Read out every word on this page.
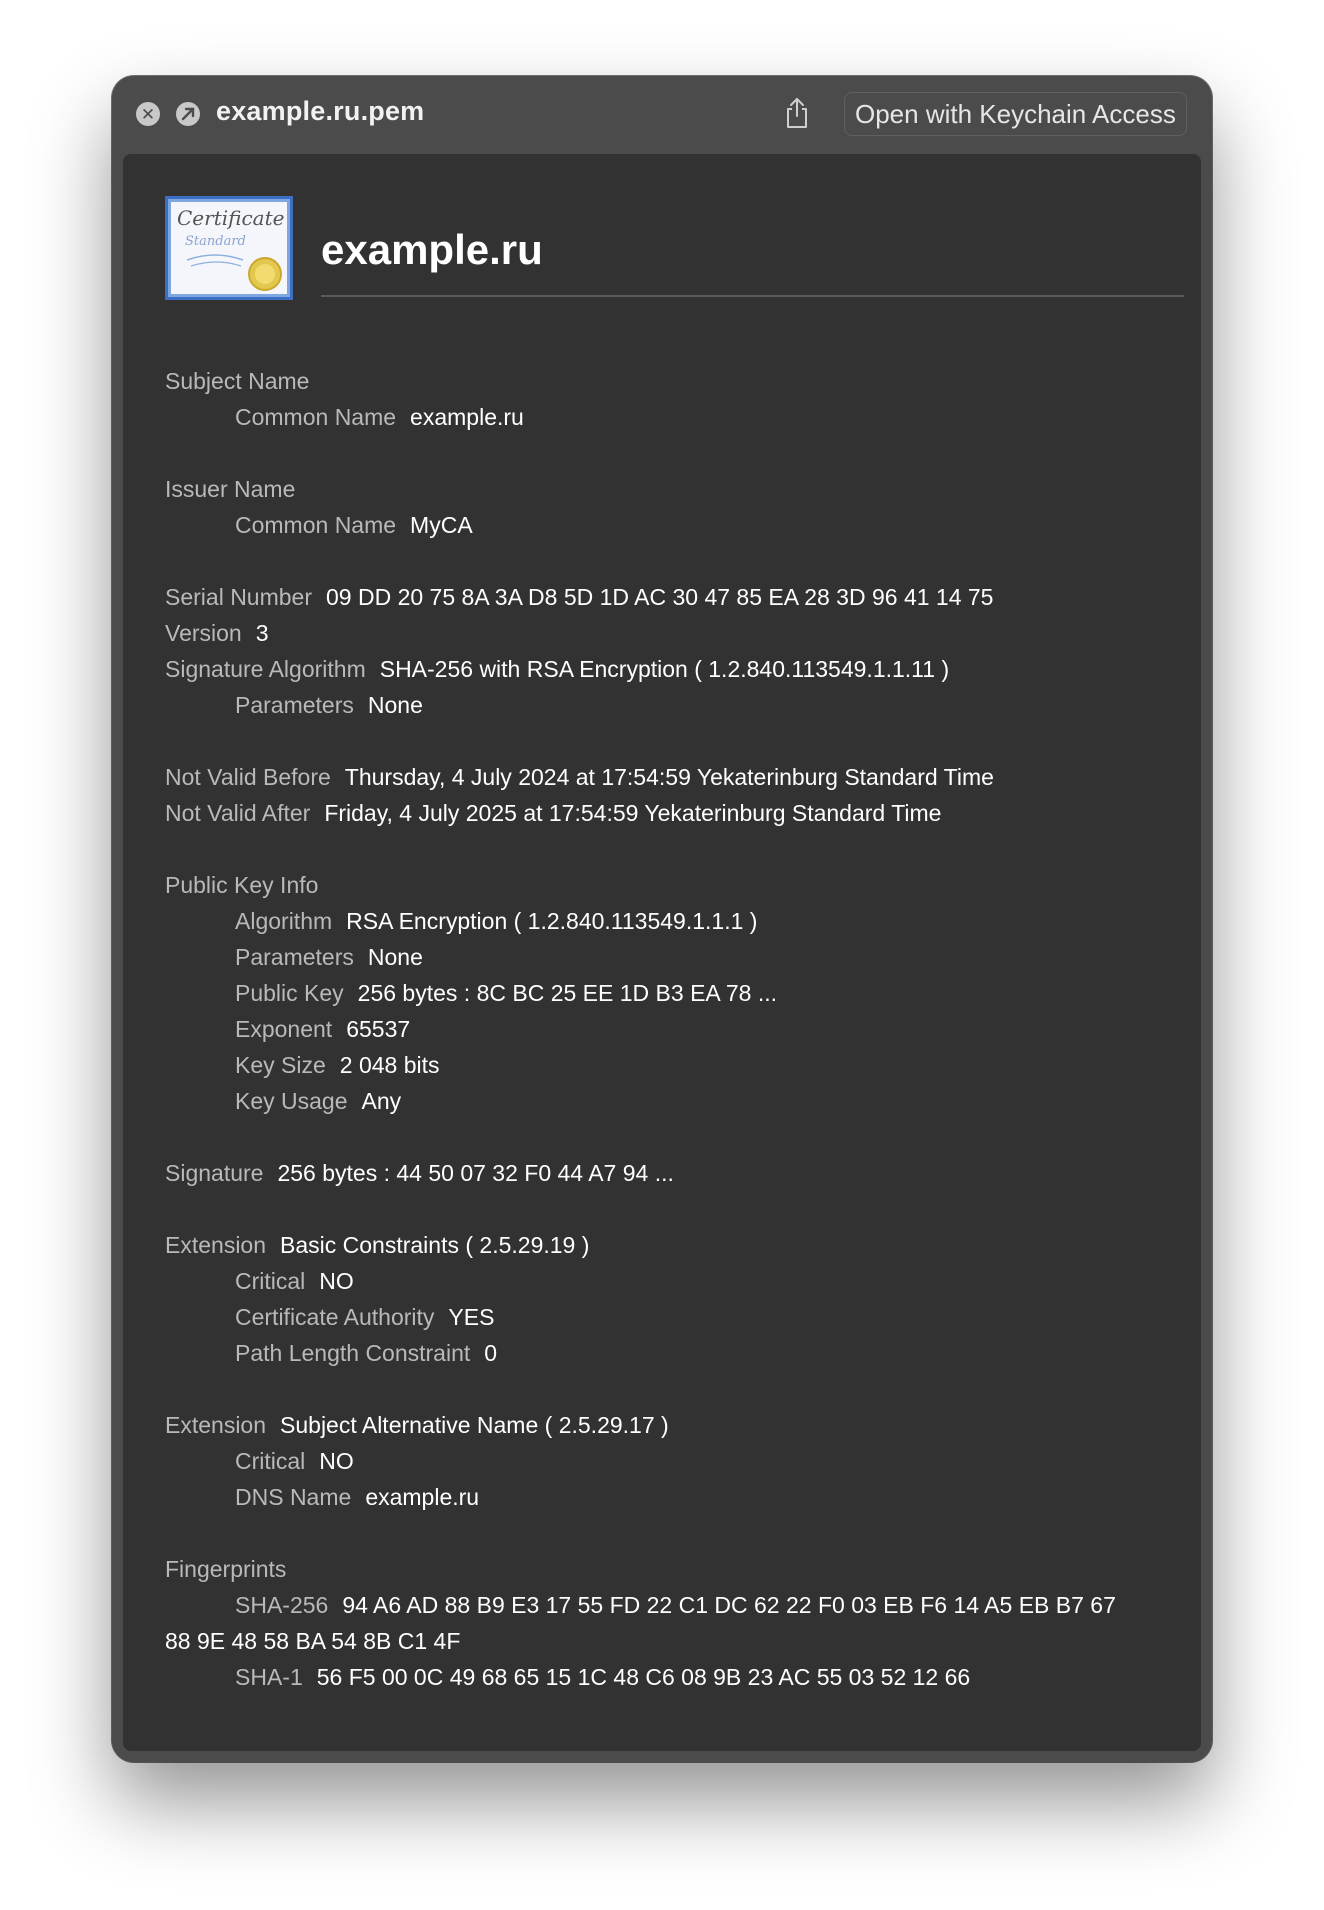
✕ example.ru.pem	Open with Keychain Access
Certificate
Standard example.ru
Subject Name
Common Name example.ru
Issuer Name
Common Name MyCA
Serial Number 09 DD 20 75 8A 3A D8 5D 1D AC 30 47 85 EA 28 3D 96 41 14 75
Version 3
Signature Algorithm SHA-256 with RSA Encryption ( 1.2.840.113549.1.1.11 )
Parameters None
Not Valid Before Thursday, 4 July 2024 at 17:54:59 Yekaterinburg Standard Time
Not Valid After Friday, 4 July 2025 at 17:54:59 Yekaterinburg Standard Time
Public Key Info
Algorithm RSA Encryption ( 1.2.840.113549.1.1.1 )
Parameters None
Public Key 256 bytes : 8C BC 25 EE 1D B3 EA 78 ...
Exponent 65537
Key Size 2 048 bits
Key Usage Any
Signature 256 bytes : 44 50 07 32 F0 44 A7 94 ...
Extension Basic Constraints ( 2.5.29.19 )
Critical NO
Certificate Authority YES
Path Length Constraint 0
Extension Subject Alternative Name ( 2.5.29.17 )
Critical NO
DNS Name example.ru
Fingerprints
SHA-256 94 A6 AD 88 B9 E3 17 55 FD 22 C1 DC 62 22 F0 03 EB F6 14 A5 EB B7 67
88 9E 48 58 BA 54 8B C1 4F
SHA-1 56 F5 00 0C 49 68 65 15 1C 48 C6 08 9B 23 AC 55 03 52 12 66
